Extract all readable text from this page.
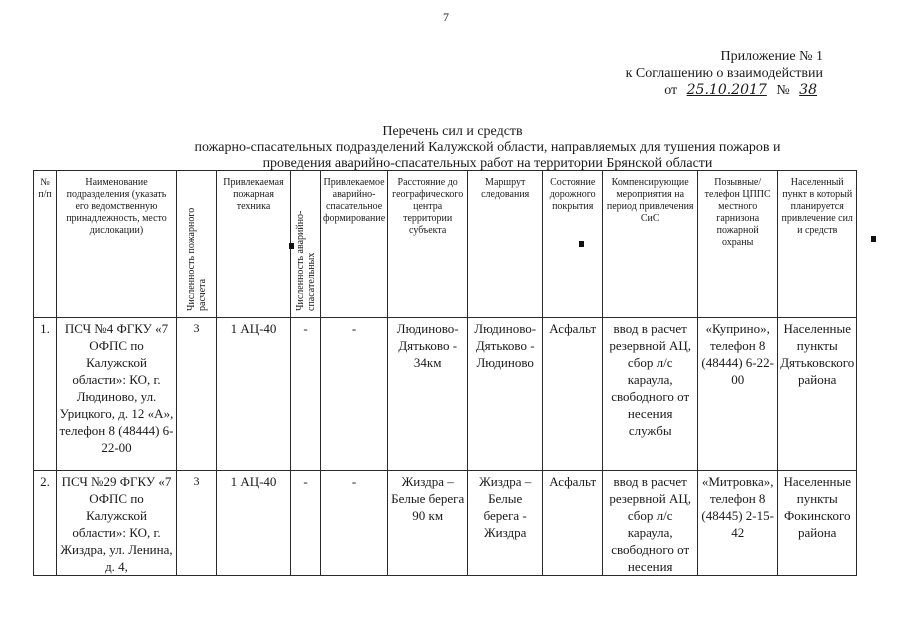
7
Приложение № 1
к Соглашению о взаимодействии
от 25.10.2017 № 38
Перечень сил и средств
пожарно-спасательных подразделений Калужской области, направляемых для тушения пожаров и
проведения аварийно-спасательных работ на территории Брянской области
№ п/п	Наименование подразделения (указать его ведомственную принадлежность, место дислокации)	Численность пожарного расчета	Привлекаемая пожарная техника	Численность аварийно-спасательных	Привлекаемое аварийно-спасательное формирование	Расстояние до географического центра территории субъекта	Маршрут следования	Состояние дорожного покрытия	Компенсирующие мероприятия на период привлечения СиС	Позывные/ телефон ЦППС местного гарнизона пожарной охраны	Населенный пункт в который планируется привлечение сил и средств
1.	ПСЧ №4 ФГКУ «7 ОФПС по Калужской области»: КО, г. Людиново, ул. Урицкого, д. 12 «А», телефон 8 (48444) 6-22-00	3	1 АЦ-40	-	-	Людиново-Дятьково - 34км	Людиново-Дятьково - Людиново	Асфальт	ввод в расчет резервной АЦ, сбор л/с караула, свободного от несения службы	«Куприно», телефон 8 (48444) 6-22-00	Населенные пункты Дятьковского района
2.	ПСЧ №29 ФГКУ «7 ОФПС по Калужской области»: КО, г. Жиздра, ул. Ленина, д. 4,	3	1 АЦ-40	-	-	Жиздра – Белые берега 90 км	Жиздра – Белые берега - Жиздра	Асфальт	ввод в расчет резервной АЦ, сбор л/с караула, свободного от несения	«Митровка», телефон 8 (48445) 2-15-42	Населенные пункты Фокинского района
